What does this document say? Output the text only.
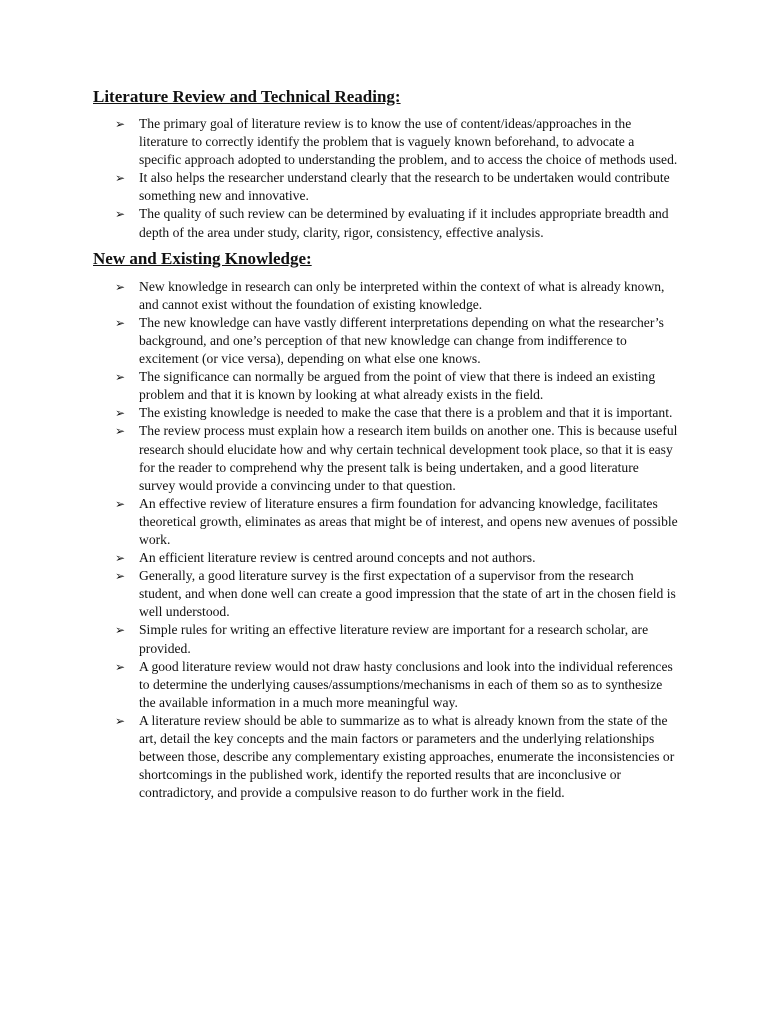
Literature Review and Technical Reading:
➢ The primary goal of literature review is to know the use of content/ideas/approaches in the literature to correctly identify the problem that is vaguely known beforehand, to advocate a specific approach adopted to understanding the problem, and to access the choice of methods used.
➢ It also helps the researcher understand clearly that the research to be undertaken would contribute something new and innovative.
➢ The quality of such review can be determined by evaluating if it includes appropriate breadth and depth of the area under study, clarity, rigor, consistency, effective analysis.
New and Existing Knowledge:
➢ New knowledge in research can only be interpreted within the context of what is already known, and cannot exist without the foundation of existing knowledge.
➢ The new knowledge can have vastly different interpretations depending on what the researcher’s background, and one’s perception of that new knowledge can change from indifference to excitement (or vice versa), depending on what else one knows.
➢ The significance can normally be argued from the point of view that there is indeed an existing problem and that it is known by looking at what already exists in the field.
➢ The existing knowledge is needed to make the case that there is a problem and that it is important.
➢ The review process must explain how a research item builds on another one. This is because useful research should elucidate how and why certain technical development took place, so that it is easy for the reader to comprehend why the present talk is being undertaken, and a good literature survey would provide a convincing under to that question.
➢ An effective review of literature ensures a firm foundation for advancing knowledge, facilitates theoretical growth, eliminates as areas that might be of interest, and opens new avenues of possible work.
➢ An efficient literature review is centred around concepts and not authors.
➢ Generally, a good literature survey is the first expectation of a supervisor from the research student, and when done well can create a good impression that the state of art in the chosen field is well understood.
➢ Simple rules for writing an effective literature review are important for a research scholar, are provided.
➢ A good literature review would not draw hasty conclusions and look into the individual references to determine the underlying causes/assumptions/mechanisms in each of them so as to synthesize the available information in a much more meaningful way.
➢ A literature review should be able to summarize as to what is already known from the state of the art, detail the key concepts and the main factors or parameters and the underlying relationships between those, describe any complementary existing approaches, enumerate the inconsistencies or shortcomings in the published work, identify the reported results that are inconclusive or contradictory, and provide a compulsive reason to do further work in the field.
